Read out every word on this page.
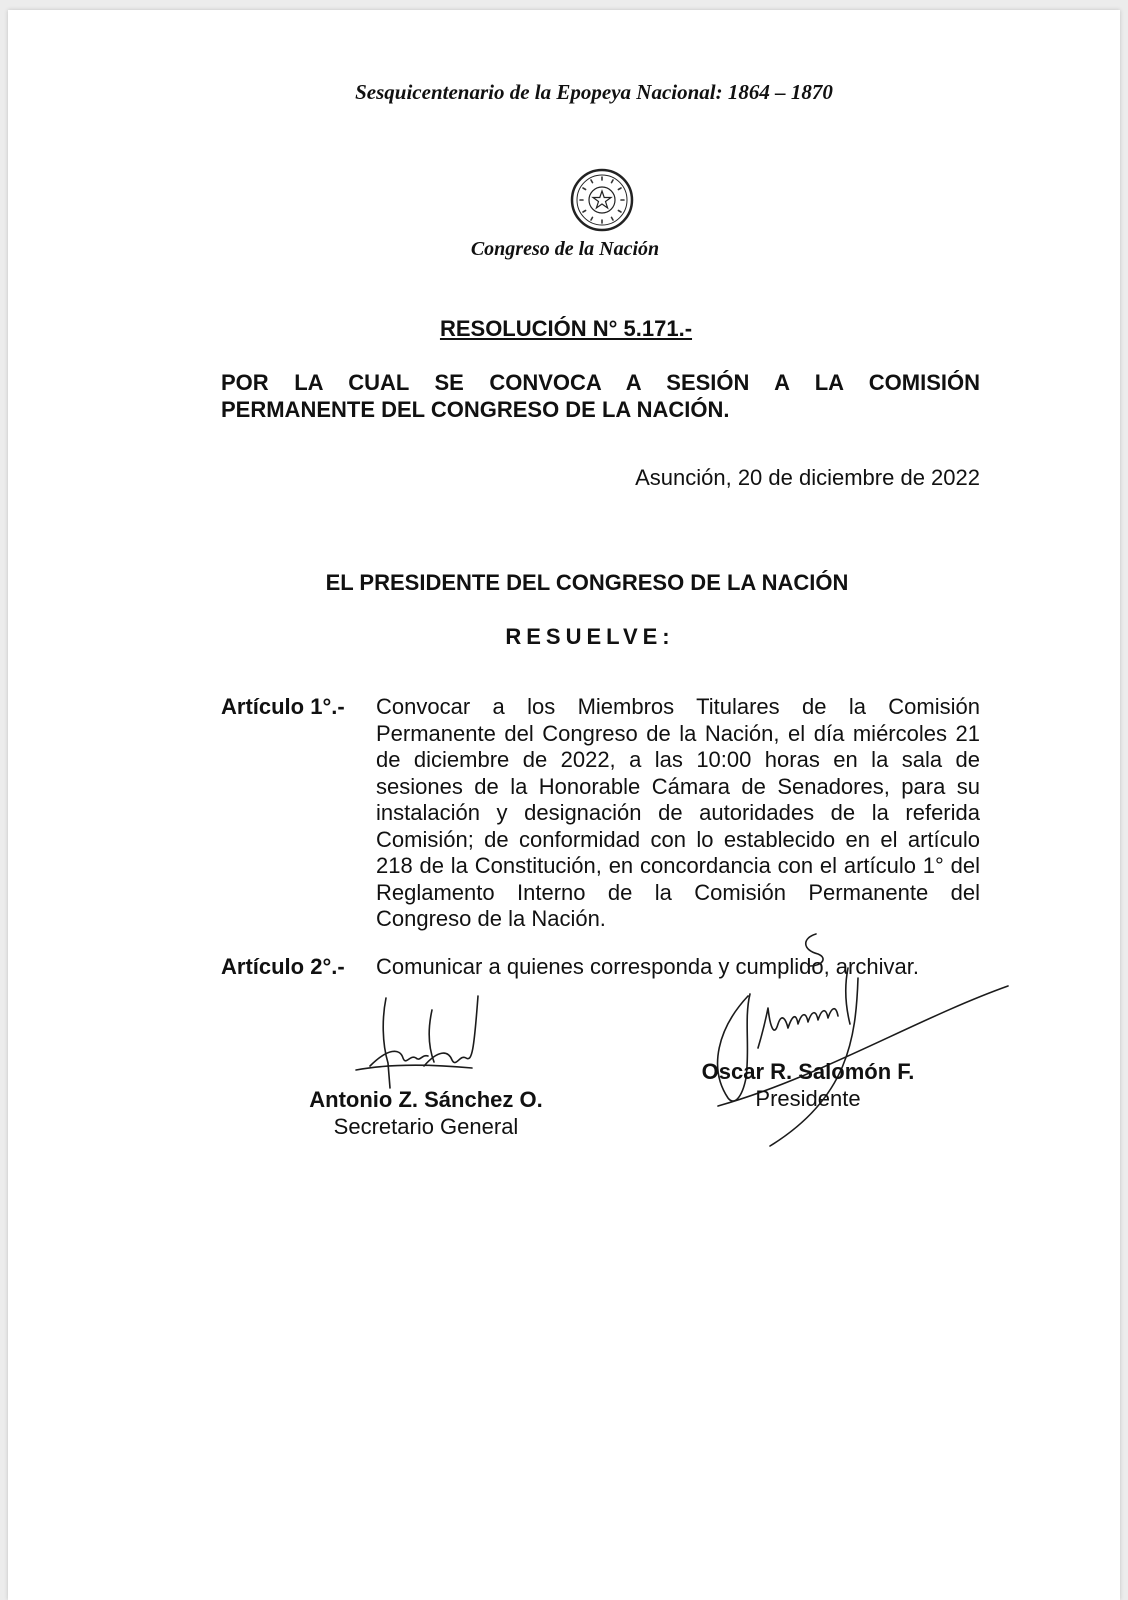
Sesquicentenario de la Epopeya Nacional: 1864 – 1870
Congreso de la Nación
RESOLUCIÓN N° 5.171.-
POR LA CUAL SE CONVOCA A SESIÓN A LA COMISIÓN
PERMANENTE DEL CONGRESO DE LA NACIÓN.
Asunción, 20 de diciembre de 2022
EL PRESIDENTE DEL CONGRESO DE LA NACIÓN
RESUELVE:
Artículo 1°.- Convocar a los Miembros Titulares de la Comisión Permanente del Congreso de la Nación, el día miércoles 21 de diciembre de 2022, a las 10:00 horas en la sala de sesiones de la Honorable Cámara de Senadores, para su instalación y designación de autoridades de la referida Comisión; de conformidad con lo establecido en el artículo 218 de la Constitución, en concordancia con el artículo 1° del Reglamento Interno de la Comisión Permanente del Congreso de la Nación.
Artículo 2°.- Comunicar a quienes corresponda y cumplido, archivar.
Antonio Z. Sánchez O.
Secretario General
Oscar R. Salomón F.
Presidente
